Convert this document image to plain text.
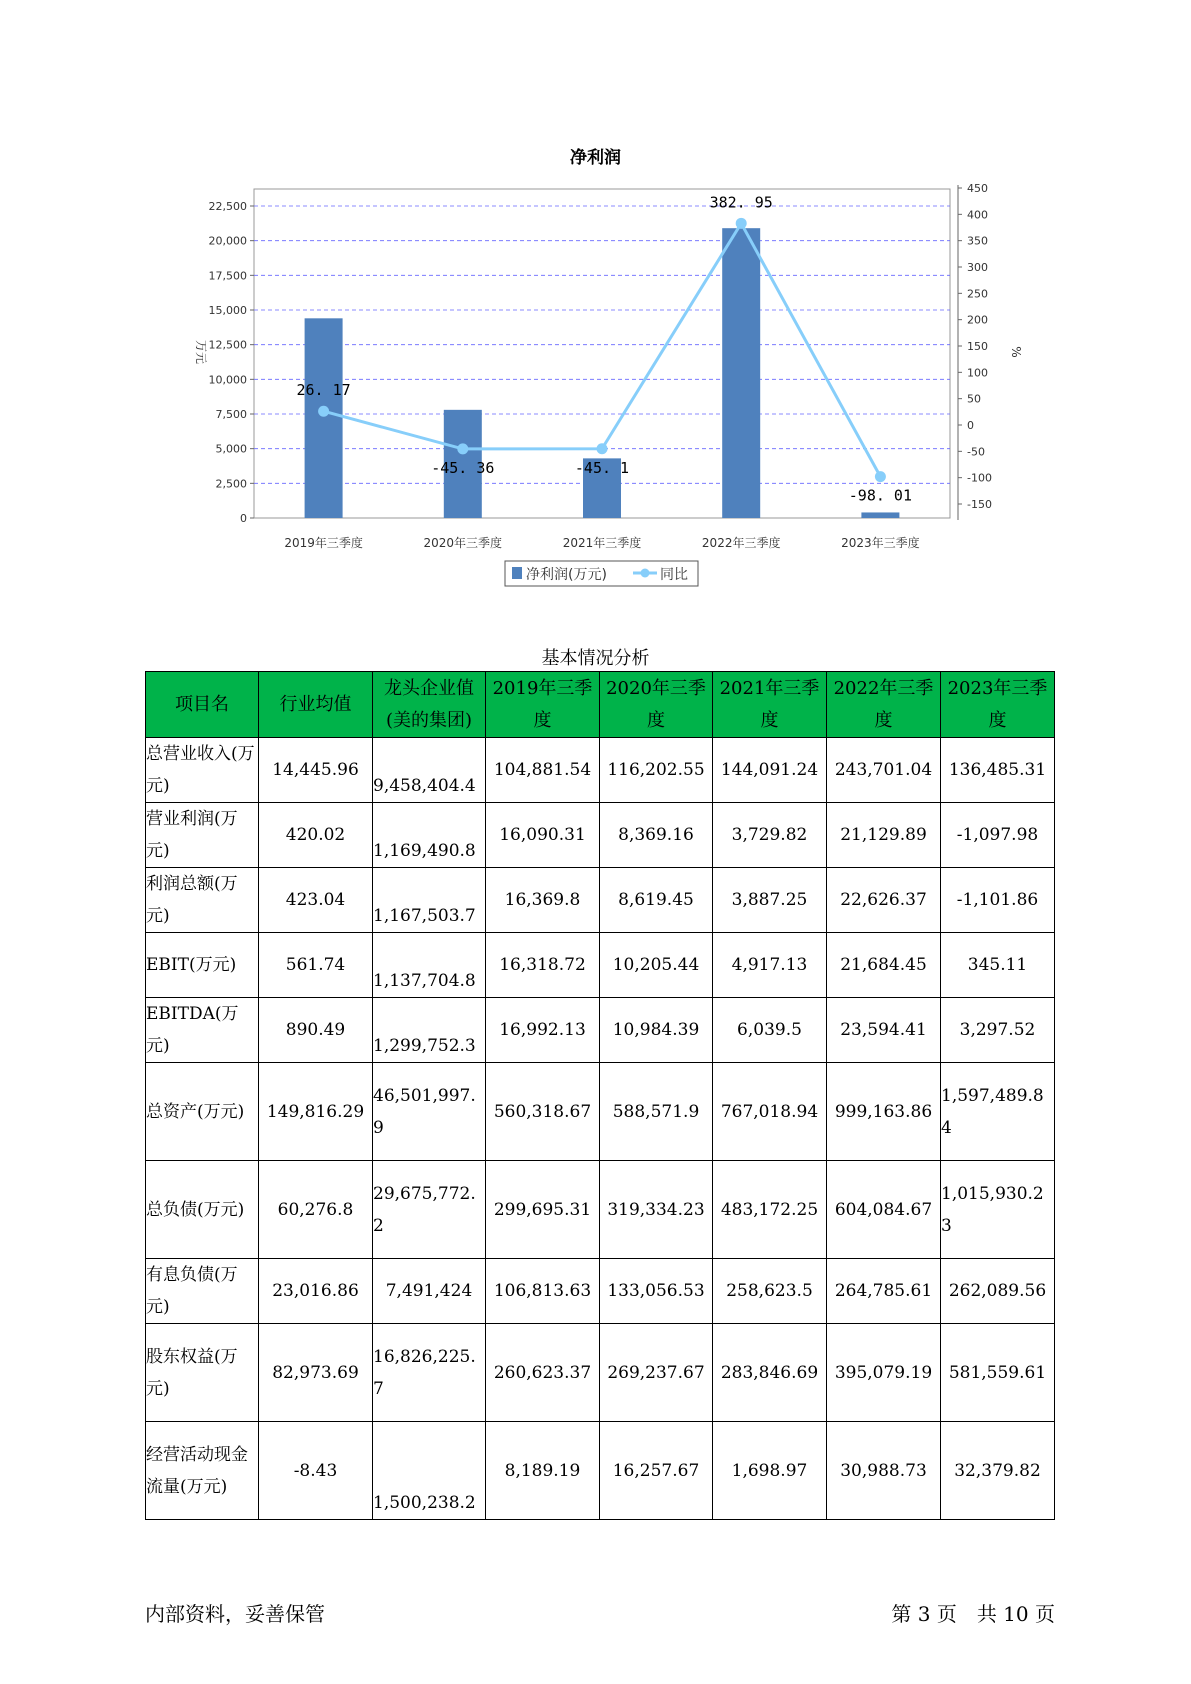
净利润
0
2,500
5,000
7,500
10,000
12,500
15,000
17,500
20,000
22,500
-150
-100
-50
0
50
100
150
200
250
300
350
400
450
万元	%
2019年三季度	2020年三季度	2021年三季度	2022年三季度	2023年三季度
26. 17
-45. 36	-45. 1
382. 95
-98. 01
净利润(万元)	同比
基本情况分析
项目名	行业均值	龙头企业值(美的集团)	2019年三季度	2020年三季度	2021年三季度	2022年三季度	2023年三季度
总营业收入(万元)	14,445.96	9,458,404.4	104,881.54	116,202.55	144,091.24	243,701.04	136,485.31
营业利润(万元)	420.02	1,169,490.8	16,090.31	8,369.16	3,729.82	21,129.89	-1,097.98
利润总额(万元)	423.04	1,167,503.7	16,369.8	8,619.45	3,887.25	22,626.37	-1,101.86
EBIT(万元)	561.74	1,137,704.8	16,318.72	10,205.44	4,917.13	21,684.45	345.11
EBITDA(万元)	890.49	1,299,752.3	16,992.13	10,984.39	6,039.5	23,594.41	3,297.52
总资产(万元)	149,816.29	46,501,997.9	560,318.67	588,571.9	767,018.94	999,163.86	1,597,489.84
总负债(万元)	60,276.8	29,675,772.2	299,695.31	319,334.23	483,172.25	604,084.67	1,015,930.23
有息负债(万元)	23,016.86	7,491,424	106,813.63	133,056.53	258,623.5	264,785.61	262,089.56
股东权益(万元)	82,973.69	16,826,225.7	260,623.37	269,237.67	283,846.69	395,079.19	581,559.61
经营活动现金流量(万元)	-8.43	1,500,238.2	8,189.19	16,257.67	1,698.97	30,988.73	32,379.82
内部资料，妥善保管	第 3 页　共 10 页
